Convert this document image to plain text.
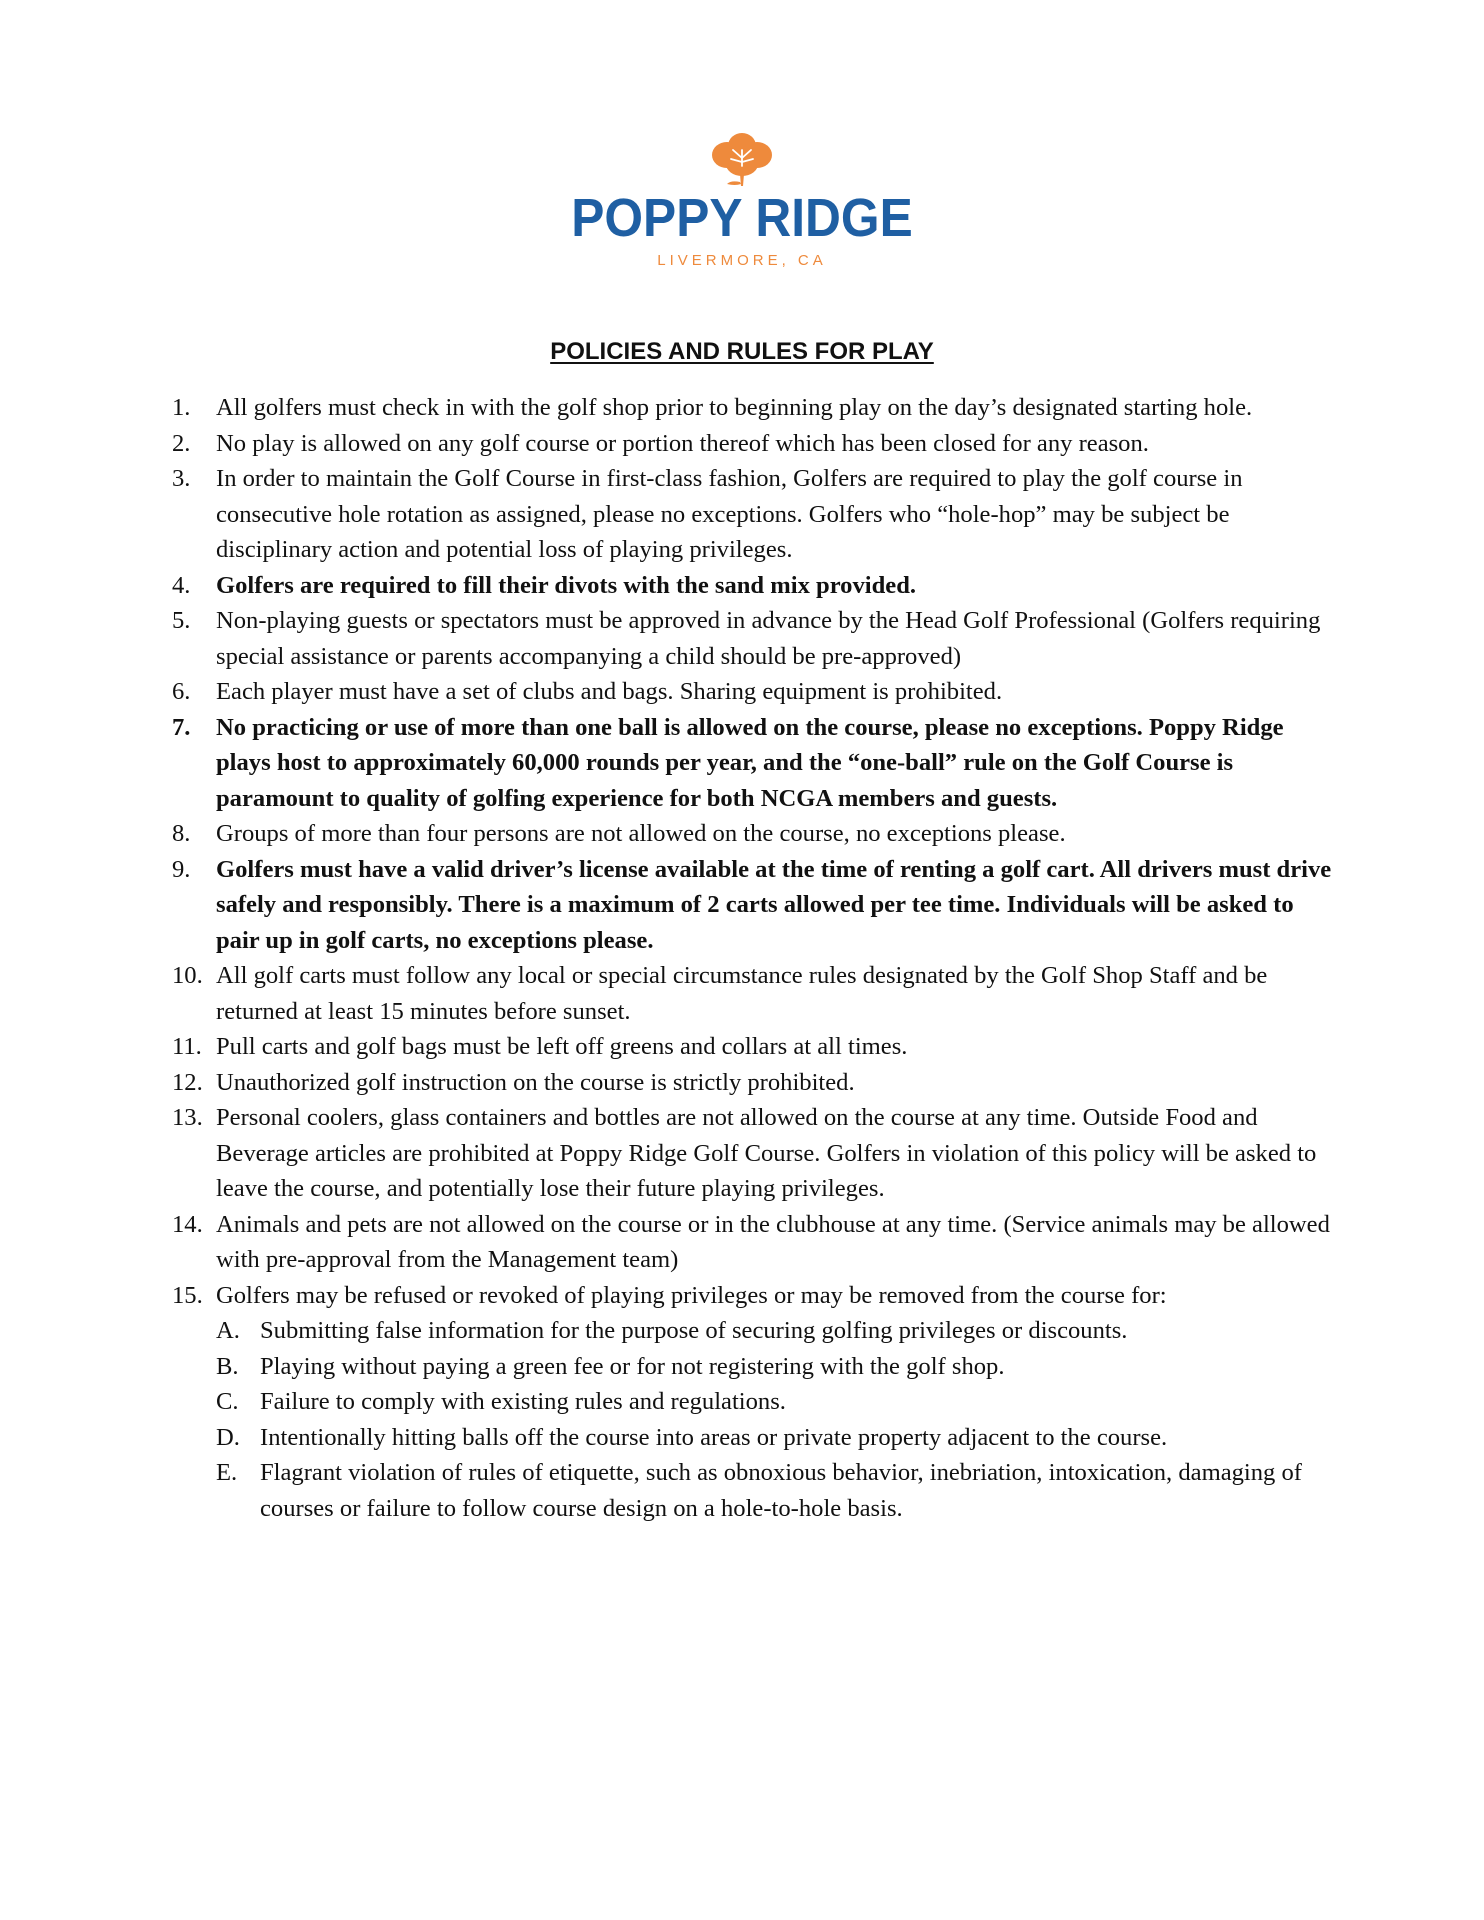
POPPY RIDGE
LIVERMORE, CA
POLICIES AND RULES FOR PLAY
1.	All golfers must check in with the golf shop prior to beginning play on the day’s designated starting hole.
2.	No play is allowed on any golf course or portion thereof which has been closed for any reason.
3.	In order to maintain the Golf Course in first-class fashion, Golfers are required to play the golf course in consecutive hole rotation as assigned, please no exceptions. Golfers who “hole-hop” may be subject be disciplinary action and potential loss of playing privileges.
4.	Golfers are required to fill their divots with the sand mix provided.
5.	Non-playing guests or spectators must be approved in advance by the Head Golf Professional (Golfers requiring special assistance or parents accompanying a child should be pre-approved)
6.	Each player must have a set of clubs and bags. Sharing equipment is prohibited.
7.	No practicing or use of more than one ball is allowed on the course, please no exceptions. Poppy Ridge plays host to approximately 60,000 rounds per year, and the “one-ball” rule on the Golf Course is paramount to quality of golfing experience for both NCGA members and guests.
8.	Groups of more than four persons are not allowed on the course, no exceptions please.
9.	Golfers must have a valid driver’s license available at the time of renting a golf cart. All drivers must drive safely and responsibly. There is a maximum of 2 carts allowed per tee time. Individuals will be asked to pair up in golf carts, no exceptions please.
10. All golf carts must follow any local or special circumstance rules designated by the Golf Shop Staff and be returned at least 15 minutes before sunset.
11. Pull carts and golf bags must be left off greens and collars at all times.
12. Unauthorized golf instruction on the course is strictly prohibited.
13. Personal coolers, glass containers and bottles are not allowed on the course at any time. Outside Food and Beverage articles are prohibited at Poppy Ridge Golf Course. Golfers in violation of this policy will be asked to leave the course, and potentially lose their future playing privileges.
14. Animals and pets are not allowed on the course or in the clubhouse at any time. (Service animals may be allowed with pre-approval from the Management team)
15. Golfers may be refused or revoked of playing privileges or may be removed from the course for:
A. Submitting false information for the purpose of securing golfing privileges or discounts.
B. Playing without paying a green fee or for not registering with the golf shop.
C. Failure to comply with existing rules and regulations.
D. Intentionally hitting balls off the course into areas or private property adjacent to the course.
E. Flagrant violation of rules of etiquette, such as obnoxious behavior, inebriation, intoxication, damaging of courses or failure to follow course design on a hole-to-hole basis.
